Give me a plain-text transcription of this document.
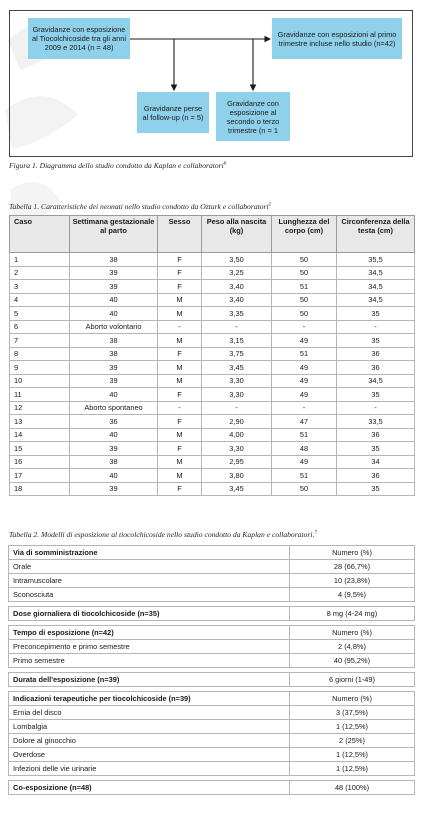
Gravidanze con esposizione al Tiocolchicoside tra gli anni 2009 e 2014 (n = 48)
Gravidanze con esposizioni al primo trimestre incluse nello studio (n=42)
Gravidanze perse al follow-up (n = 5)
Gravidanze con esposizione al secondo o terzo trimestre (n = 1
Figura 1. Diagramma dello studio condotto da Kaplan e collaboratori$^6$
Tabella 1. Caratteristiche dei neonati nello studio condotto da Ozturk e collaboratori$^2$
Caso	Settimana gestazionale al parto	Sesso	Peso alla nascita (kg)	Lunghezza del corpo (cm)	Circonferenza della testa (cm)
1	38	F	3,50	50	35,5
2	39	F	3,25	50	34,5
3	39	F	3,40	51	34,5
4	40	M	3,40	50	34,5
5	40	M	3,35	50	35
6	Aborto volontario	-	-	-	-
7	38	M	3,15	49	35
8	38	F	3,75	51	36
9	39	M	3,45	49	36
10	39	M	3,30	49	34,5
11	40	F	3,30	49	35
12	Aborto spontaneo	-	-	-	-
13	36	F	2,90	47	33,5
14	40	M	4,00	51	36
15	39	F	3,30	48	35
16	38	M	2,95	49	34
17	40	M	3,80	51	36
18	39	F	3,45	50	35
Tabella 2. Modelli di esposizione al tiocolchicoside nello studio condotto da Kaplan e collaboratori.$^7$
Via di somministrazione	Numero (%)
Orale	28 (66,7%)
Intramuscolare	10 (23,8%)
Sconosciuta	4 (9,5%)

Dose giornaliera di tiocolchicoside (n=35)	8 mg (4-24 mg)

Tempo di esposizione (n=42)	Numero (%)
Preconcepimento e primo semestre	2 (4,8%)
Primo semestre	40 (95,2%)

Durata dell'esposizione (n=39)	6 giorni (1-49)

Indicazioni terapeutiche per tiocolchicoside (n=39)	Numero (%)
Ernia del disco	3 (37,5%)
Lombalgia	1 (12,5%)
Dolore al ginocchio	2 (25%)
Overdose	1 (12,5%)
Infezioni delle vie urinarie	1 (12,5%)

Co-esposizione (n=48)	48 (100%)
